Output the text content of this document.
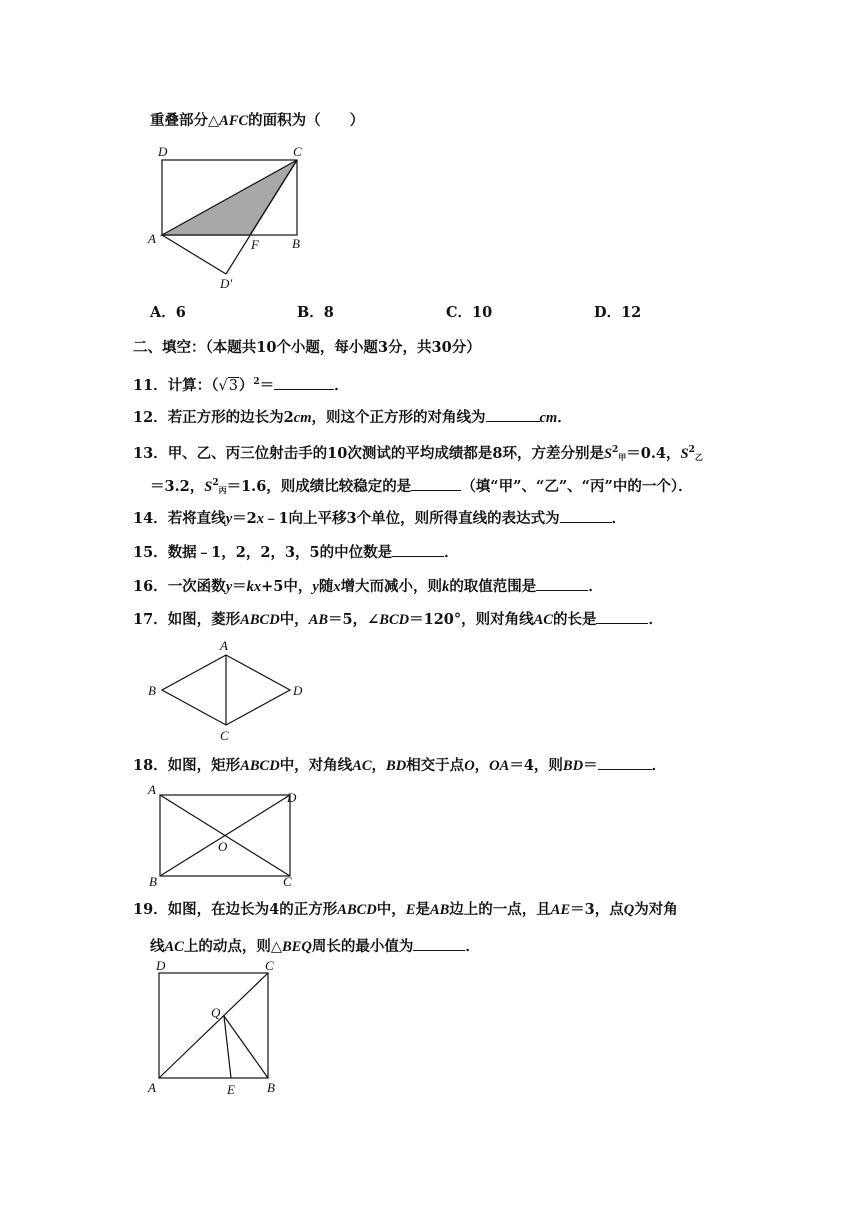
重叠部分△AFC的面积为（　　）
D	C
A	F	B
D′
A．6	B．8	C．10	D．12
二、填空：（本题共10个小题，每小题3分，共30分）
11．计算：$(√3)^2=$	．
12．若正方形的边长为2cm，则这个正方形的对角线为	cm．
13．甲、乙、丙三位射击手的10次测试的平均成绩都是8环，方差分别是$S^2_甲=0.4$，$S^2_乙$
＝3.2，$S^2_丙=1.6$，则成绩比较稳定的是	（填“甲”、“乙”、“丙”中的一个）．
14．若将直线y＝2x﹣1向上平移3个单位，则所得直线的表达式为	．
15．数据﹣1，2，2，3，5的中位数是	．
16．一次函数y＝kx+5中，y随x增大而减小，则k的取值范围是	．
17．如图，菱形ABCD中，AB＝5，∠BCD＝120°，则对角线AC的长是	．
A
B
C
D
18．如图，矩形ABCD中，对角线AC，BD相交于点O，OA＝4，则BD＝	．
A
D
O
B	C
19．如图，在边长为4的正方形ABCD中，E是AB边上的一点，且AE＝3，点Q为对角
线AC上的动点，则△BEQ周长的最小值为	．
D	C
Q
A	E B
